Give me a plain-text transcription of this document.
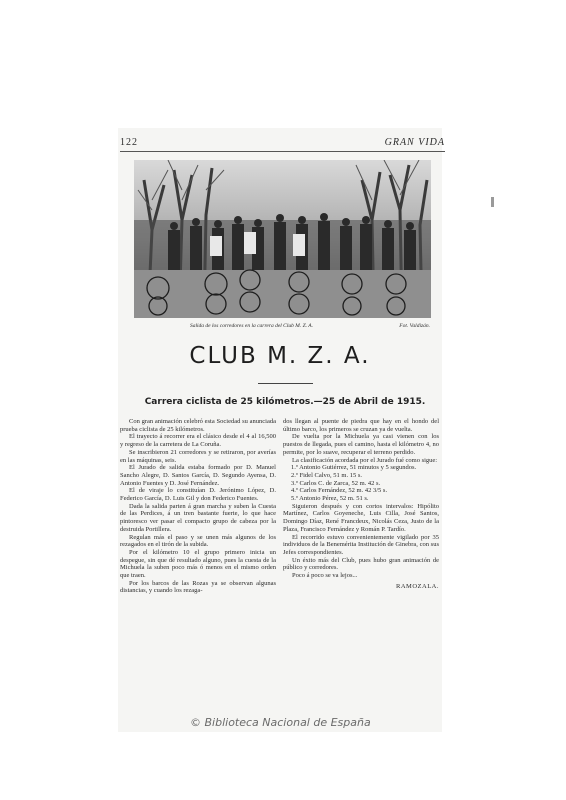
122	GRAN VIDA
Salida de los corredores en la carrera del Club M. Z. A.	Fot. Valdizán.
CLUB M. Z. A.
Carrera ciclista de 25 kilómetros.—25 de Abril de 1915.

Con gran animación celebró esta Sociedad su anunciada prueba ciclista de 25 kilómetros.

El trayecto á recorrer era el clásico desde el 4 al 16,500 y regreso de la carretera de La Coruña.

Se inscribieron 21 corredores y se retiraron, por averías en las máquinas, seis.

El Jurado de salida estaba formado por D. Manuel Sancho Alegre, D. Santos García, D. Segundo Ayensa, D. Antonio Fuentes y D. José Fernández.

El de viraje lo constituían D. Jerónimo López, D. Federico García, D. Luis Gil y don Federico Fuentes.

Dada la salida parten á gran marcha y suben la Cuesta de las Perdices, á un tren bastante fuerte, lo que hace pintoresco ver pasar el compacto grupo de cabeza por la destruida Portillera.

Regulan más el paso y se unen más algunos de los rezagados en el tirón de la subida.

Por el kilómetro 10 el grupo primero inicia un despegue, sin que dé resultado alguno, pues la cuesta de la Michuela la suben poco más ó menos en el mismo orden que traen.

Por los barcos de las Rozas ya se observan algunas distancias, y cuando los rezaga-

dos llegan al puente de piedra que hay en el hondo del último barco, los primeros se cruzan ya de vuelta.

De vuelta por la Michuela ya casi vienen con los puestos de llegada, pues el camino, hasta el kilómetro 4, no permite, por lo suave, recuperar el terreno perdido.

La clasificación acordada por el Jurado fué como sigue:

1.º Antonio Gutiérrez, 51 minutos y 5 segundos.

2.º Fidel Calvo, 51 m. 15 s.

3.º Carlos C. de Zarca, 52 m. 42 s.

4.º Carlos Fernández, 52 m. 42 3/5 s.

5.º Antonio Pérez, 52 m. 51 s.

Siguieron después y con cortos intervalos: Hipólito Martínez, Carlos Goyeneche, Luis Cilla, José Santos, Domingo Díaz, René Francdeux, Nicolás Ceza, Justo de la Plaza, Francisco Fernández y Román P. Tardío.

El recorrido estuvo convenientemente vigilado por 35 individuos de la Benemérita Institución de Ginebra, con sus Jefes correspondientes.

Un éxito más del Club, pues hubo gran animación de público y corredores.

Poco á poco se va lejos...

RAMOZALA.

© Biblioteca Nacional de España
